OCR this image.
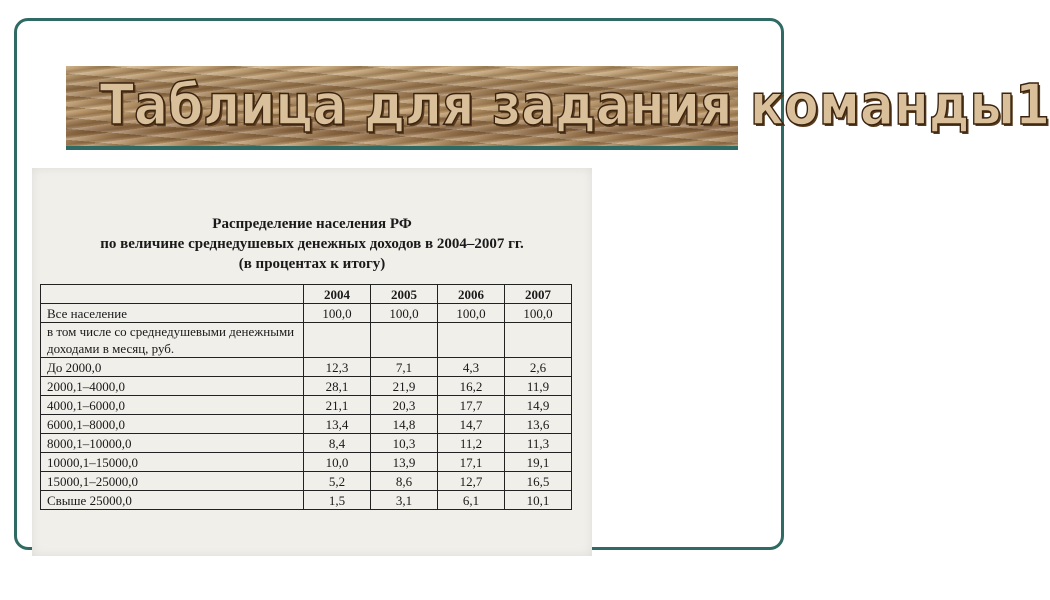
Таблица для задания команды1
Распределение населения РФ
по величине среднедушевых денежных доходов в 2004–2007 гг.
(в процентах к итогу)
	2004	2005	2006	2007
Все население	100,0	100,0	100,0	100,0
в том числе со среднедушевыми денежными доходами в месяц, руб.				
До 2000,0	12,3	7,1	4,3	2,6
2000,1–4000,0	28,1	21,9	16,2	11,9
4000,1–6000,0	21,1	20,3	17,7	14,9
6000,1–8000,0	13,4	14,8	14,7	13,6
8000,1–10000,0	8,4	10,3	11,2	11,3
10000,1–15000,0	10,0	13,9	17,1	19,1
15000,1–25000,0	5,2	8,6	12,7	16,5
Свыше 25000,0	1,5	3,1	6,1	10,1
